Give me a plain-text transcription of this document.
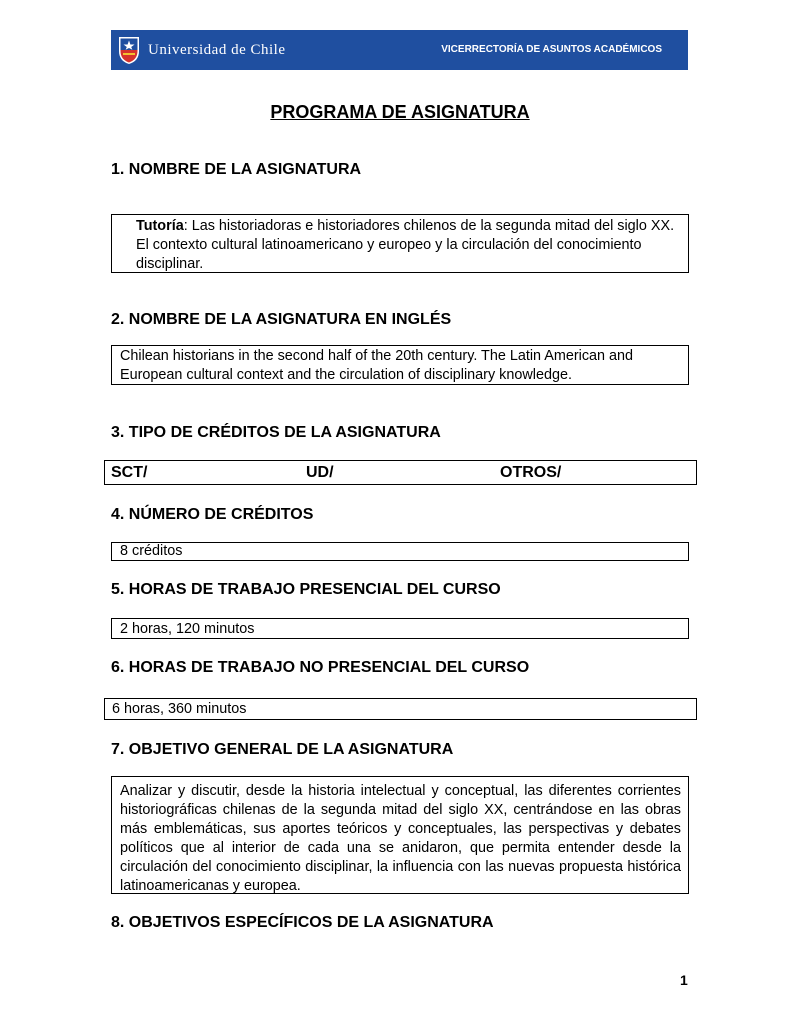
Universidad de Chile	VICERRECTORÍA DE ASUNTOS ACADÉMICOS
PROGRAMA DE ASIGNATURA
1. NOMBRE DE LA ASIGNATURA

Tutoría: Las historiadoras e historiadores chilenos de la segunda mitad del siglo XX. El contexto cultural latinoamericano y europeo y la circulación del conocimiento disciplinar.

2. NOMBRE DE LA ASIGNATURA EN INGLÉS

Chilean historians in the second half of the 20th century. The Latin American and European cultural context and the circulation of disciplinary knowledge.

3. TIPO DE CRÉDITOS DE LA ASIGNATURA
SCT/	UD/	OTROS/
4. NÚMERO DE CRÉDITOS

8 créditos

5. HORAS DE TRABAJO PRESENCIAL DEL CURSO

2 horas, 120 minutos

6. HORAS DE TRABAJO NO PRESENCIAL DEL CURSO

6 horas, 360 minutos

7. OBJETIVO GENERAL DE LA ASIGNATURA

Analizar y discutir, desde la historia intelectual y conceptual, las diferentes corrientes historiográficas chilenas de la segunda mitad del siglo XX, centrándose en las obras más emblemáticas, sus aportes teóricos y conceptuales, las perspectivas y debates políticos que al interior de cada una se anidaron, que permita entender desde la circulación del conocimiento disciplinar, la influencia con las nuevas propuesta histórica latinoamericanas y europea.

8. OBJETIVOS ESPECÍFICOS DE LA ASIGNATURA
1
